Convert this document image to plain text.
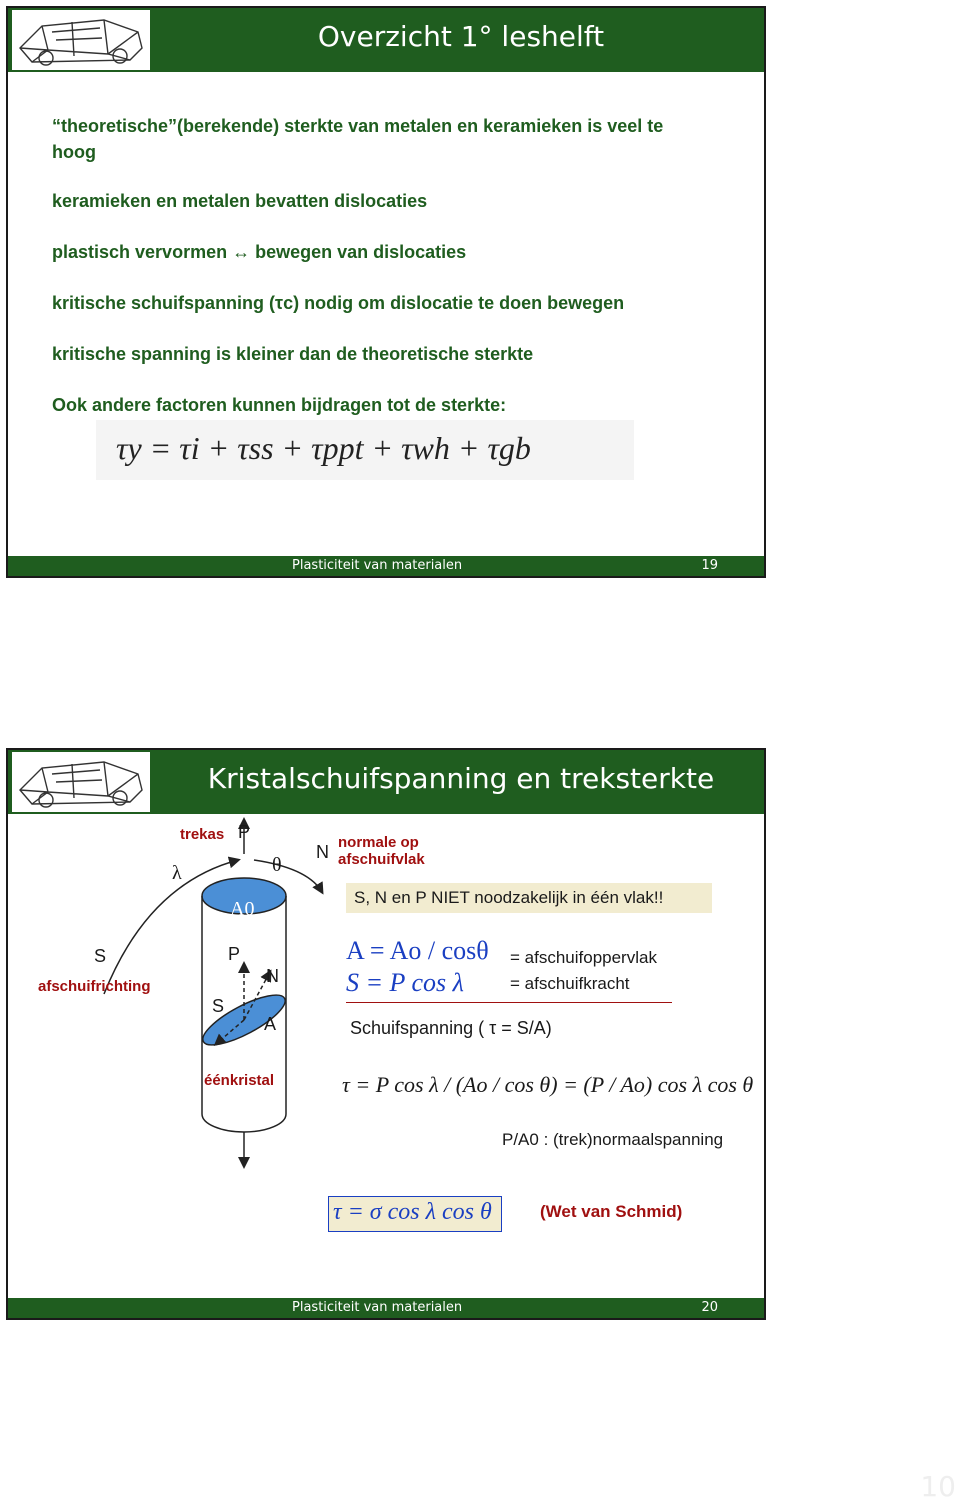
Overzicht 1° leshelft
“theoretische”(berekende) sterkte van metalen en keramieken is veel te hoog
keramieken en metalen bevatten dislocaties
plastisch vervormen ↔ bewegen van dislocaties
kritische schuifspanning (τc) nodig om dislocatie te doen bewegen
kritische spanning is kleiner dan de theoretische sterkte
Ook andere factoren kunnen bijdragen tot de sterkte:
τy = τi + τss + τppt + τwh + τgb
Plasticiteit van materialen	19
Kristalschuifspanning en treksterkte
trekas P
λ	θ
N normale op afschuifvlak
A0
S
afschuifrichting
P
N
S
A
éénkristal
S, N en P NIET noodzakelijk in één vlak!!
A = Ao / cosθ = afschuifoppervlak
S = P cos λ	= afschuifkracht
Schuifspanning ( τ = S/A)
τ = P cos λ / (Ao / cos θ) = (P / Ao) cos λ cos θ
P/A0 : (trek)normaalspanning
τ = σ cos λ cos θ	(Wet van Schmid)
Plasticiteit van materialen	20
10
